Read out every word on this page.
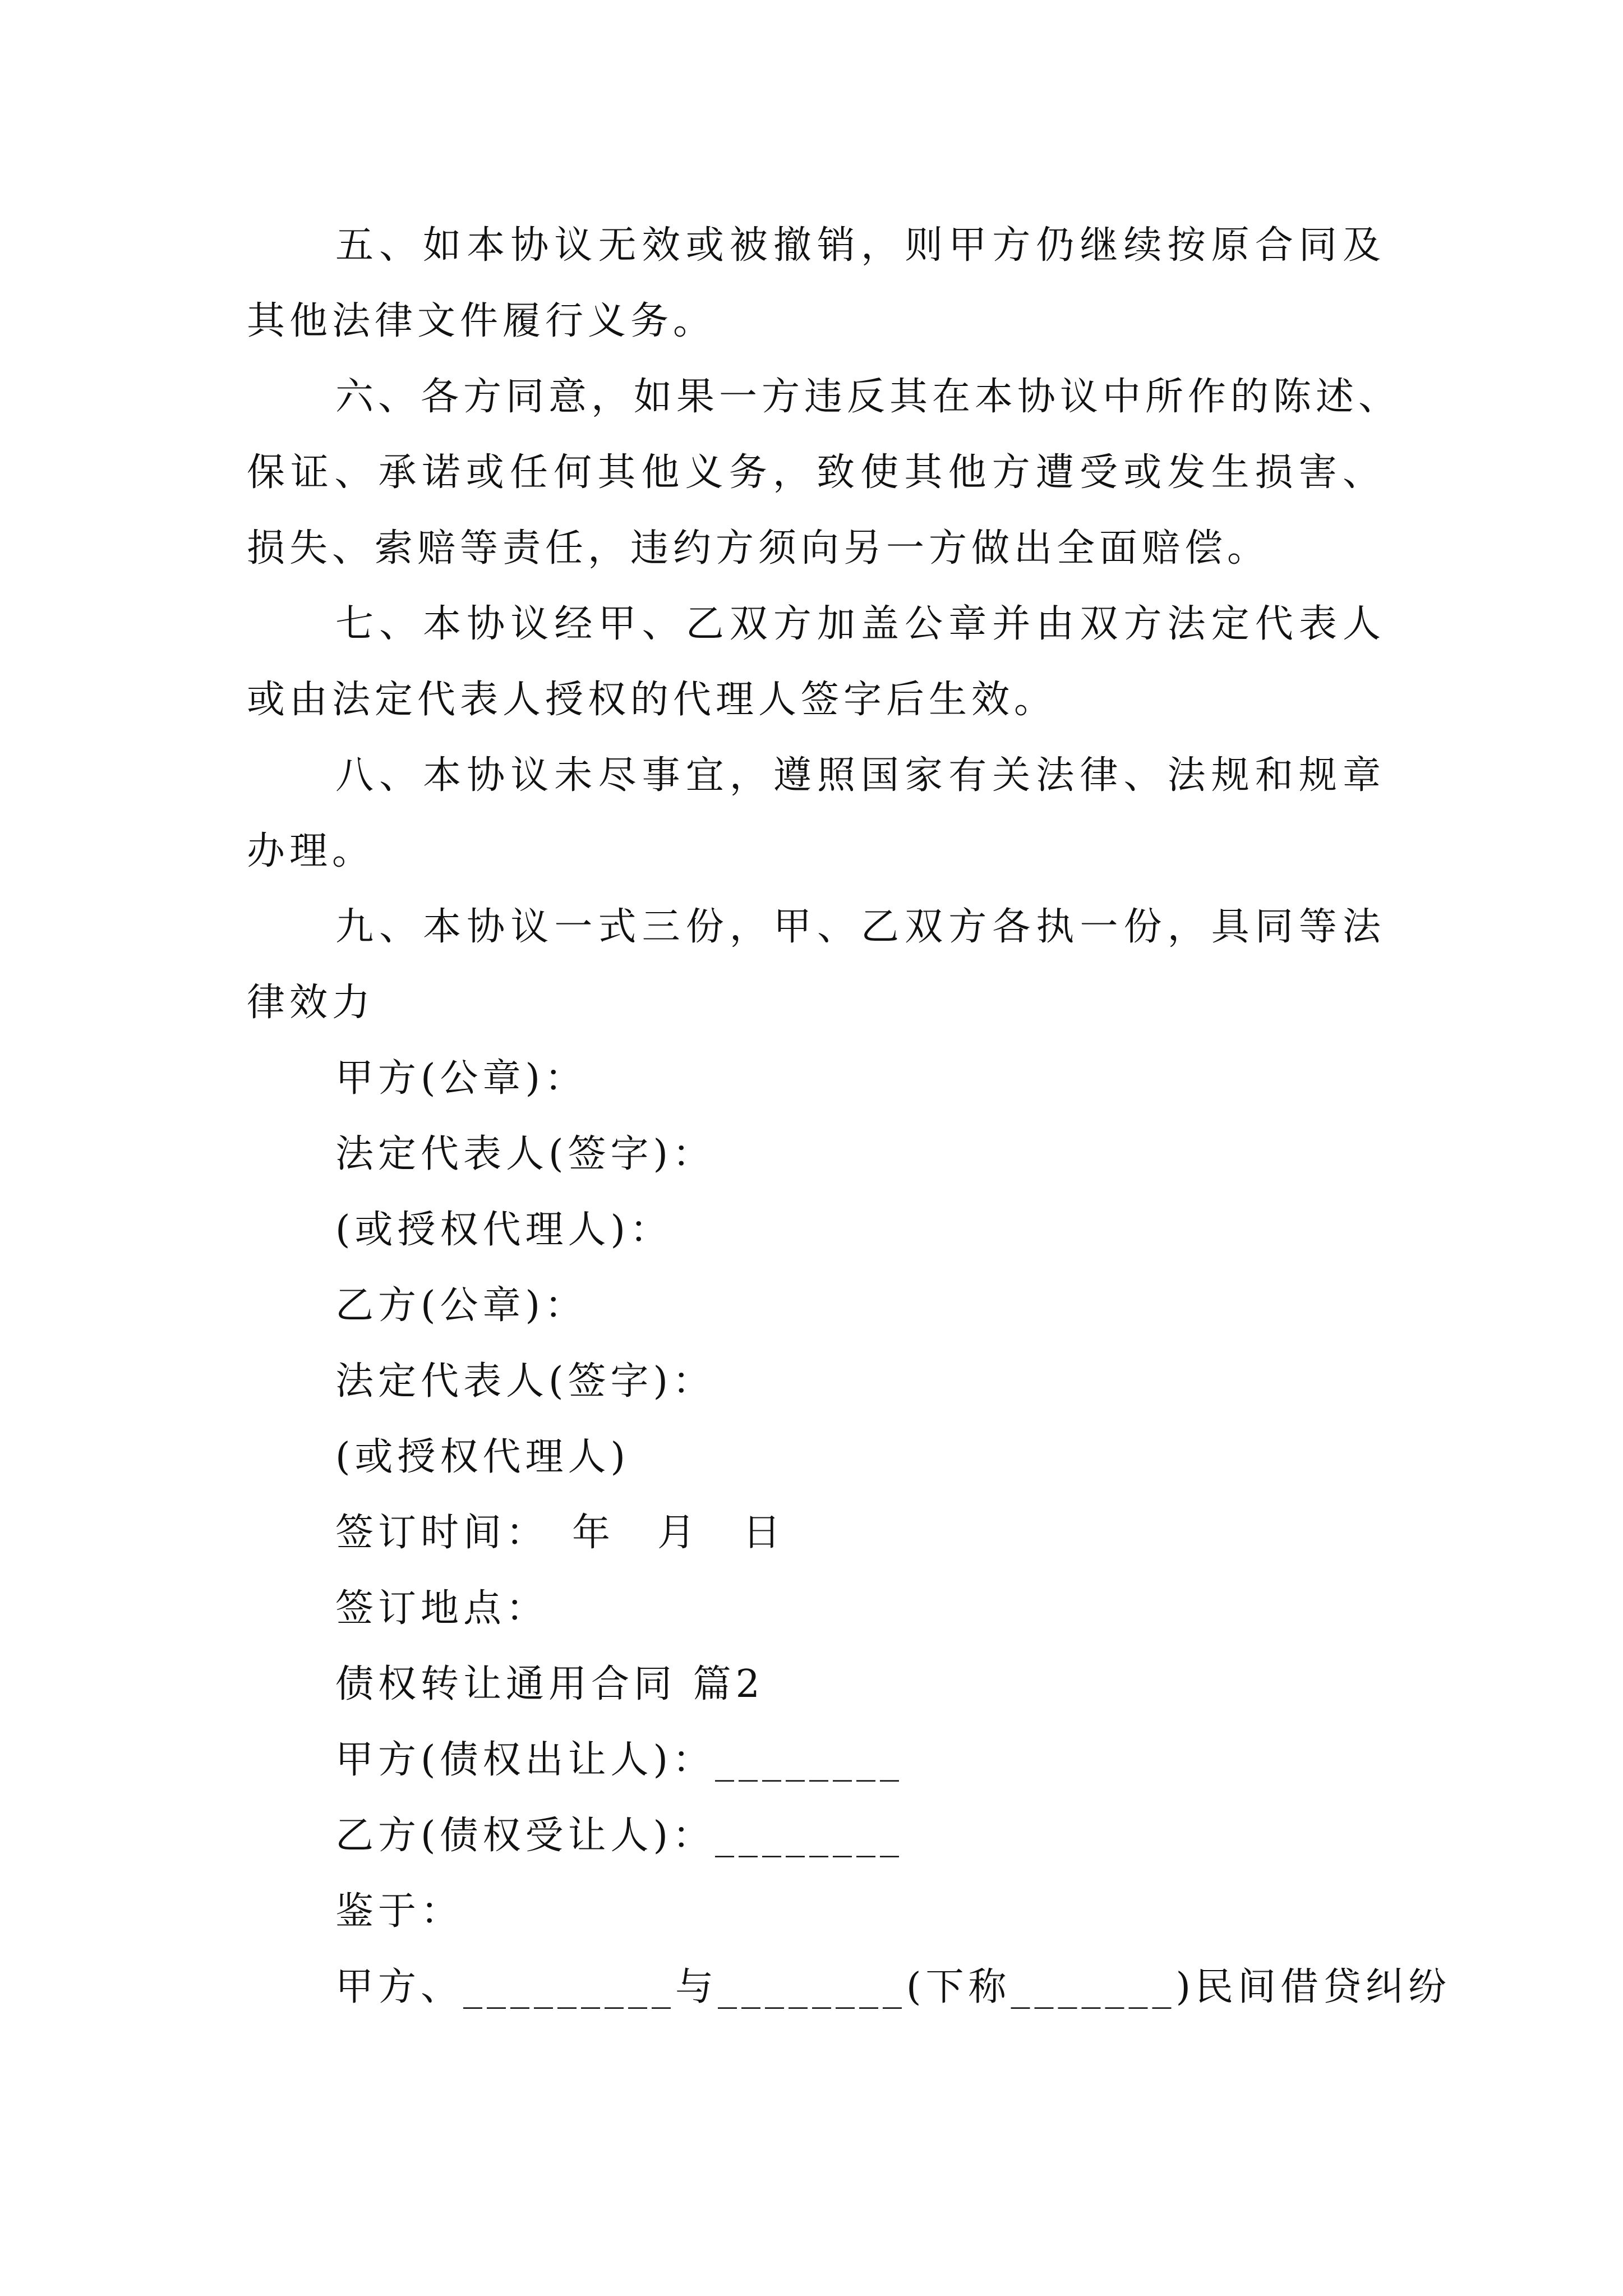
五、如本协议无效或被撤销，则甲方仍继续按原合同及
其他法律文件履行义务。
六、各方同意，如果一方违反其在本协议中所作的陈述、
保证、承诺或任何其他义务，致使其他方遭受或发生损害、
损失、索赔等责任，违约方须向另一方做出全面赔偿。
七、本协议经甲、乙双方加盖公章并由双方法定代表人
或由法定代表人授权的代理人签字后生效。
八、本协议未尽事宜，遵照国家有关法律、法规和规章
办理。
九、本协议一式三份，甲、乙双方各执一份，具同等法
律效力
甲方(公章)：
法定代表人(签字)：
(或授权代理人)：
乙方(公章)：
法定代表人(签字)：
(或授权代理人)
签订时间：　年　月　日
签订地点：
债权转让通用合同 篇2
甲方(债权出让人)：________
乙方(债权受让人)：________
鉴于：
甲方、_________与________(下称_______)民间借贷纠纷
